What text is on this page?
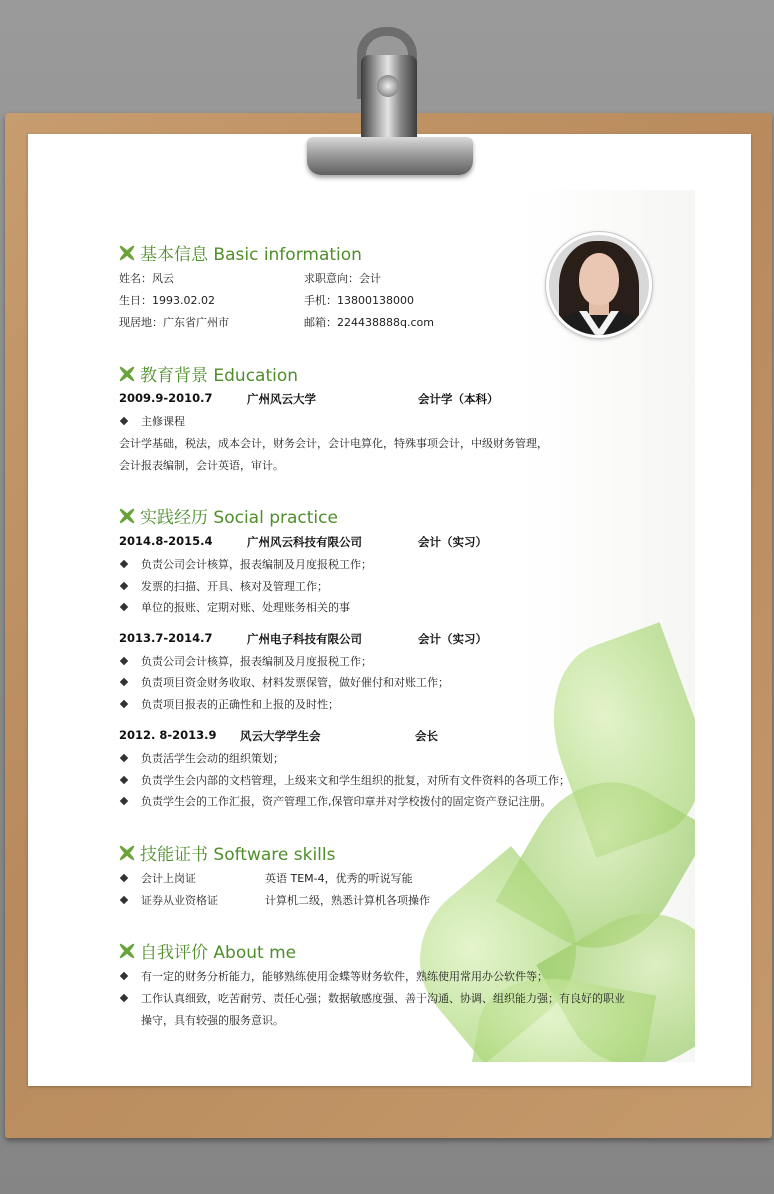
基本信息 Basic information
姓名：风云	求职意向：会计
生日：1993.02.02	手机：13800138000
现居地：广东省广州市	邮箱：224438888q.com
教育背景 Education
2009.9-2010.7	广州风云大学	会计学（本科）
主修课程
会计学基础，税法，成本会计，财务会计，会计电算化，特殊事项会计，中级财务管理，
会计报表编制，会计英语，审计。
实践经历 Social practice
2014.8-2015.4	广州风云科技有限公司	会计（实习）
负责公司会计核算，报表编制及月度报税工作；
发票的扫描、开具、核对及管理工作；
单位的报账、定期对账、处理账务相关的事
2013.7-2014.7	广州电子科技有限公司	会计（实习）
负责公司会计核算，报表编制及月度报税工作；
负责项目资金财务收取、材料发票保管，做好催付和对账工作；
负责项目报表的正确性和上报的及时性；
2012. 8-2013.9 风云大学学生会	会长
负责活学生会动的组织策划；
负责学生会内部的文档管理，上级来文和学生组织的批复，对所有文件资料的各项工作；
负责学生会的工作汇报，资产管理工作,保管印章并对学校拨付的固定资产登记注册。
技能证书 Software skills
会计上岗证	英语 TEM-4，优秀的听说写能
证券从业资格证	计算机二级，熟悉计算机各项操作
自我评价 About me
有一定的财务分析能力，能够熟练使用金蝶等财务软件，熟练使用常用办公软件等；
工作认真细致，吃苦耐劳、责任心强；数据敏感度强、善于沟通、协调、组织能力强；有良好的职业
操守，具有较强的服务意识。
